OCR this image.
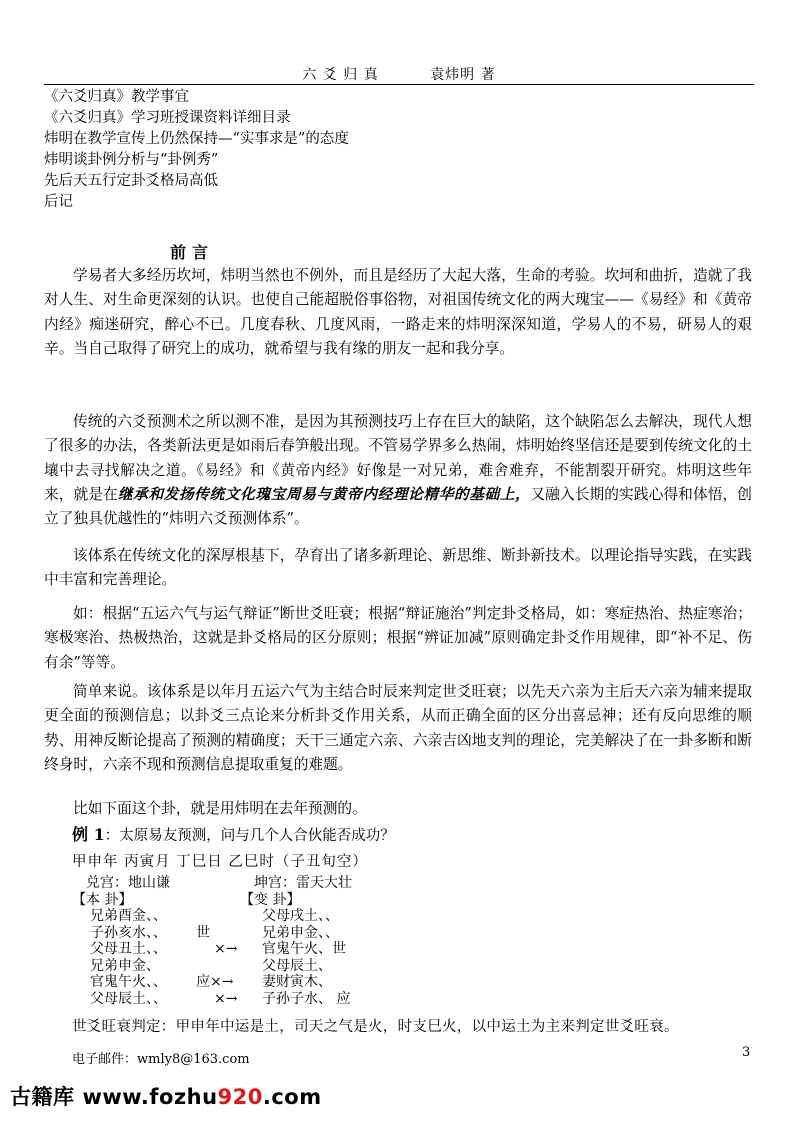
六 爻 归 真	袁炜明 著
《六爻归真》教学事宜
《六爻归真》学习班授课资料详细目录
炜明在教学宣传上仍然保持—“实事求是”的态度
炜明谈卦例分析与“卦例秀”
先后天五行定卦爻格局高低
后记
前言
学易者大多经历坎坷，炜明当然也不例外，而且是经历了大起大落，生命的考验。坎坷和曲折，造就了我对人生、对生命更深刻的认识。也使自己能超脱俗事俗物，对祖国传统文化的两大瑰宝——《易经》和《黄帝内经》痴迷研究，醉心不已。几度春秋、几度风雨，一路走来的炜明深深知道，学易人的不易，研易人的艰辛。当自己取得了研究上的成功，就希望与我有缘的朋友一起和我分享。
传统的六爻预测术之所以测不准，是因为其预测技巧上存在巨大的缺陷，这个缺陷怎么去解决，现代人想了很多的办法，各类新法更是如雨后春笋般出现。不管易学界多么热闹，炜明始终坚信还是要到传统文化的土壤中去寻找解决之道。《易经》和《黄帝内经》好像是一对兄弟，难舍难弃，不能割裂开研究。炜明这些年来，就是在继承和发扬传统文化瑰宝周易与黄帝内经理论精华的基础上，又融入长期的实践心得和体悟，创立了独具优越性的“炜明六爻预测体系”。
该体系在传统文化的深厚根基下，孕育出了诸多新理论、新思维、断卦新技术。以理论指导实践，在实践中丰富和完善理论。
如：根据“五运六气与运气辩证”断世爻旺衰；根据“辩证施治”判定卦爻格局，如：寒症热治、热症寒治；寒极寒治、热极热治，这就是卦爻格局的区分原则；根据“辨证加减”原则确定卦爻作用规律，即“补不足、伤有余”等等。
简单来说。该体系是以年月五运六气为主结合时辰来判定世爻旺衰；以先天六亲为主后天六亲为辅来提取更全面的预测信息；以卦爻三点论来分析卦爻作用关系，从而正确全面的区分出喜忌神；还有反向思维的顺势、用神反断论提高了预测的精确度；天干三通定六亲、六亲吉凶地支判的理论，完美解决了在一卦多断和断终身时，六亲不现和预测信息提取重复的难题。
比如下面这个卦，就是用炜明在去年预测的。
例 1：太原易友预测，问与几个人合伙能否成功？
甲申年 丙寅月 丁巳日 乙巳时（子丑旬空）
兑宫：地山谦	坤宫：雷天大壮
【本 卦】	【变 卦】
兄弟酉金、、	父母戌土、、
子孙亥水、、 世	兄弟申金、、
父母丑土、、	×→ 官鬼午火、世
兄弟申金、	父母辰土、
官鬼午火、、 应×→ 妻财寅木、
父母辰土、、	×→ 子孙子水、 应
世爻旺衰判定：甲申年中运是土，司天之气是火，时支巳火，以中运土为主来判定世爻旺衰。
电子邮件：wmly8@163.com	3
古籍库 www.fozhu920.com
